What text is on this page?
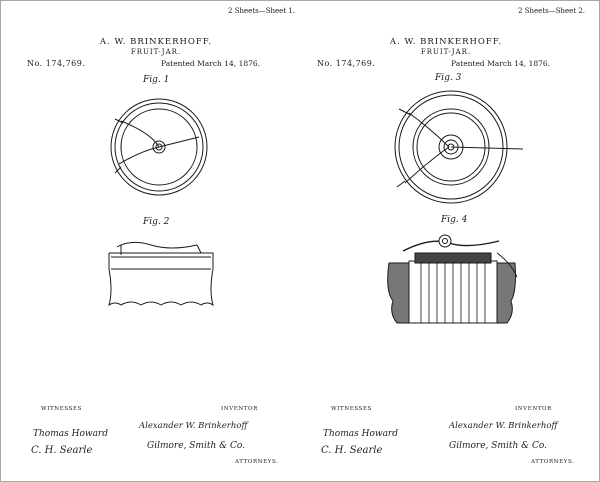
2 Sheets—Sheet 1.
A. W. BRINKERHOFF.
FRUIT-JAR.
No. 174,769.	Patented March 14, 1876.
Fig. 1
Fig. 2
WITNESSES	INVENTOR
Thomas Howard
C. H. Searle
Alexander W. Brinkerhoff
Gilmore, Smith & Co.
ATTORNEYS.
2 Sheets—Sheet 2.
A. W. BRINKERHOFF.
FRUIT-JAR.
No. 174,769.	Patented March 14, 1876.
Fig. 3
Fig. 4
WITNESSES	INVENTOR
Thomas Howard
C. H. Searle
Alexander W. Brinkerhoff
Gilmore, Smith & Co.
ATTORNEYS.
